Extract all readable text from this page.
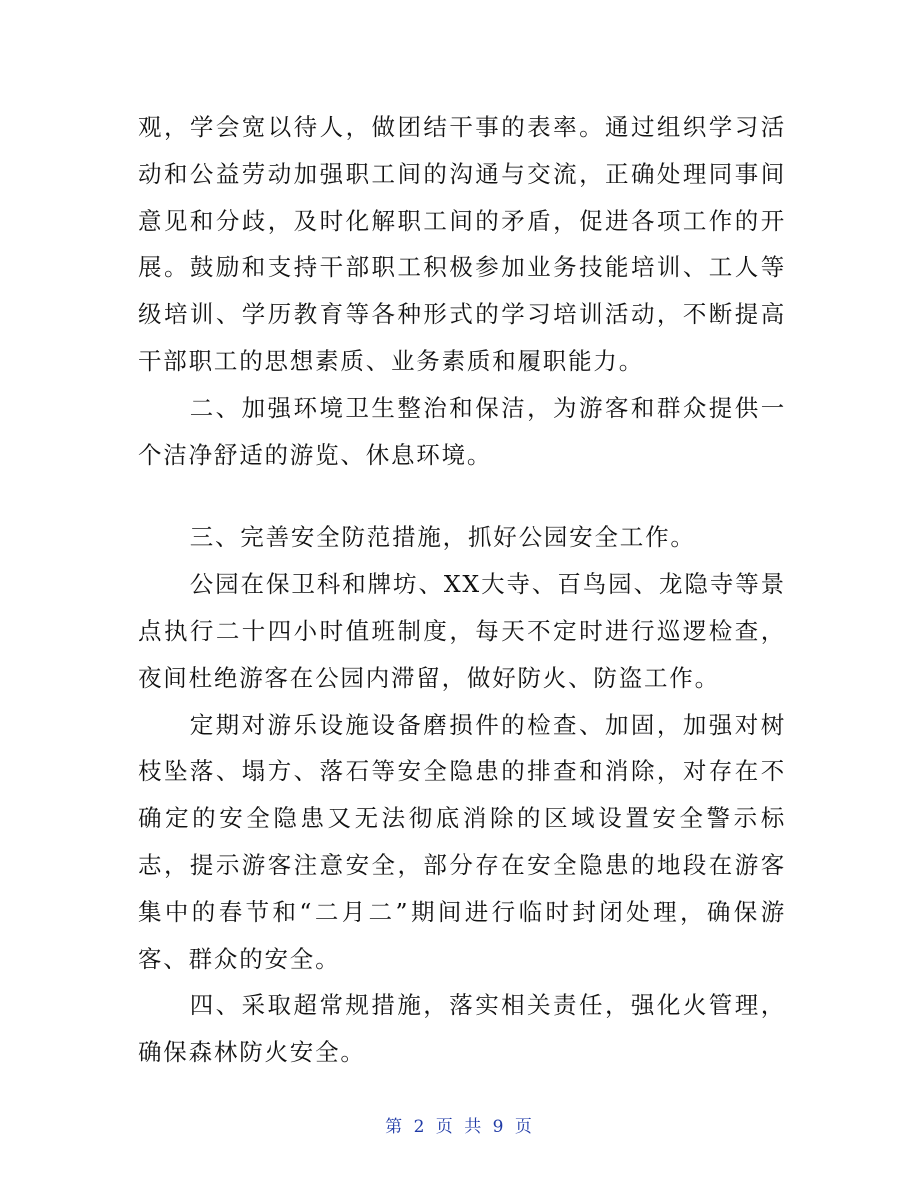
观，学会宽以待人，做团结干事的表率。通过组织学习活动和公益劳动加强职工间的沟通与交流，正确处理同事间意见和分歧，及时化解职工间的矛盾，促进各项工作的开展。鼓励和支持干部职工积极参加业务技能培训、工人等级培训、学历教育等各种形式的学习培训活动，不断提高干部职工的思想素质、业务素质和履职能力。

二、加强环境卫生整治和保洁，为游客和群众提供一个洁净舒适的游览、休息环境。

三、完善安全防范措施，抓好公园安全工作。

公园在保卫科和牌坊、XX大寺、百鸟园、龙隐寺等景点执行二十四小时值班制度，每天不定时进行巡逻检查，夜间杜绝游客在公园内滞留，做好防火、防盗工作。

定期对游乐设施设备磨损件的检查、加固，加强对树枝坠落、塌方、落石等安全隐患的排查和消除，对存在不确定的安全隐患又无法彻底消除的区域设置安全警示标志，提示游客注意安全，部分存在安全隐患的地段在游客集中的春节和“二月二”期间进行临时封闭处理，确保游客、群众的安全。

四、采取超常规措施，落实相关责任，强化火管理，确保森林防火安全。

第 2 页 共 9 页
